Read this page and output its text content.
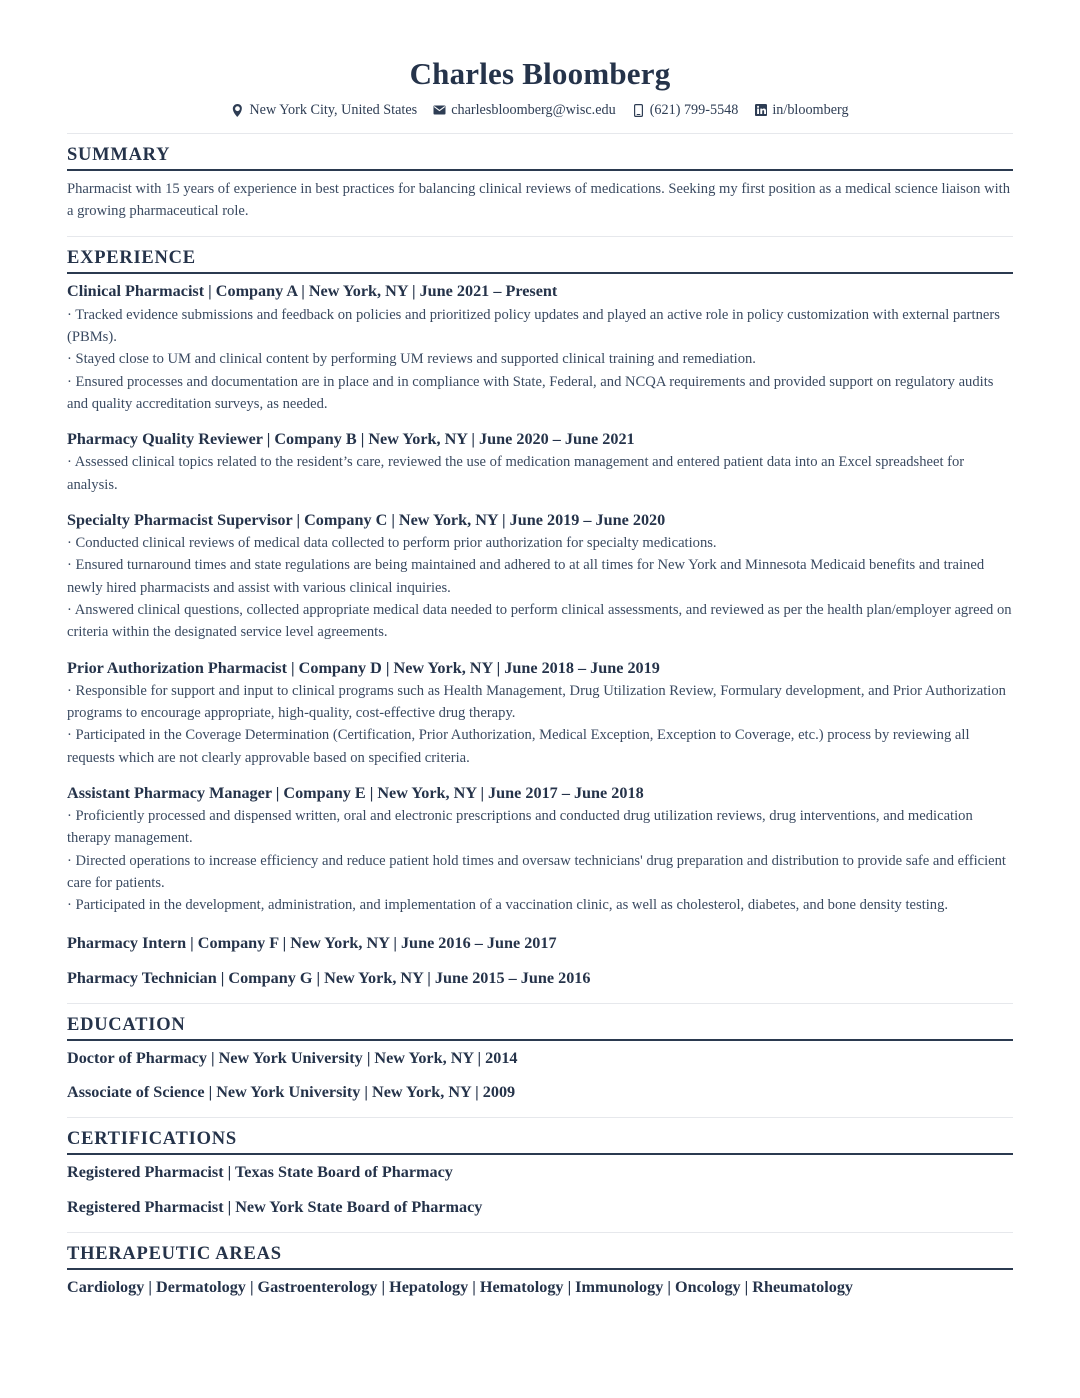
Charles Bloomberg
New York City, United States charlesbloomberg@wisc.edu (621) 799-5548 in/bloomberg
SUMMARY

Pharmacist with 15 years of experience in best practices for balancing clinical reviews of medications. Seeking my first position as a medical science liaison with a growing pharmaceutical role.

EXPERIENCE
Clinical Pharmacist | Company A | New York, NY | June 2021 – Present

· Tracked evidence submissions and feedback on policies and prioritized policy updates and played an active role in policy customization with external partners (PBMs).

· Stayed close to UM and clinical content by performing UM reviews and supported clinical training and remediation.

· Ensured processes and documentation are in place and in compliance with State, Federal, and NCQA requirements and provided support on regulatory audits and quality accreditation surveys, as needed.

Pharmacy Quality Reviewer | Company B | New York, NY | June 2020 – June 2021

· Assessed clinical topics related to the resident’s care, reviewed the use of medication management and entered patient data into an Excel spreadsheet for analysis.

Specialty Pharmacist Supervisor | Company C | New York, NY | June 2019 – June 2020

· Conducted clinical reviews of medical data collected to perform prior authorization for specialty medications.

· Ensured turnaround times and state regulations are being maintained and adhered to at all times for New York and Minnesota Medicaid benefits and trained newly hired pharmacists and assist with various clinical inquiries.

· Answered clinical questions, collected appropriate medical data needed to perform clinical assessments, and reviewed as per the health plan/employer agreed on criteria within the designated service level agreements.

Prior Authorization Pharmacist | Company D | New York, NY | June 2018 – June 2019

· Responsible for support and input to clinical programs such as Health Management, Drug Utilization Review, Formulary development, and Prior Authorization programs to encourage appropriate, high-quality, cost-effective drug therapy.

· Participated in the Coverage Determination (Certification, Prior Authorization, Medical Exception, Exception to Coverage, etc.) process by reviewing all requests which are not clearly approvable based on specified criteria.

Assistant Pharmacy Manager | Company E | New York, NY | June 2017 – June 2018

· Proficiently processed and dispensed written, oral and electronic prescriptions and conducted drug utilization reviews, drug interventions, and medication therapy management.

· Directed operations to increase efficiency and reduce patient hold times and oversaw technicians' drug preparation and distribution to provide safe and efficient care for patients.

· Participated in the development, administration, and implementation of a vaccination clinic, as well as cholesterol, diabetes, and bone density testing.

Pharmacy Intern | Company F | New York, NY | June 2016 – June 2017
Pharmacy Technician | Company G | New York, NY | June 2015 – June 2016
EDUCATION
Doctor of Pharmacy | New York University | New York, NY | 2014
Associate of Science | New York University | New York, NY | 2009
CERTIFICATIONS
Registered Pharmacist | Texas State Board of Pharmacy
Registered Pharmacist | New York State Board of Pharmacy
THERAPEUTIC AREAS
Cardiology | Dermatology | Gastroenterology | Hepatology | Hematology | Immunology | Oncology | Rheumatology
